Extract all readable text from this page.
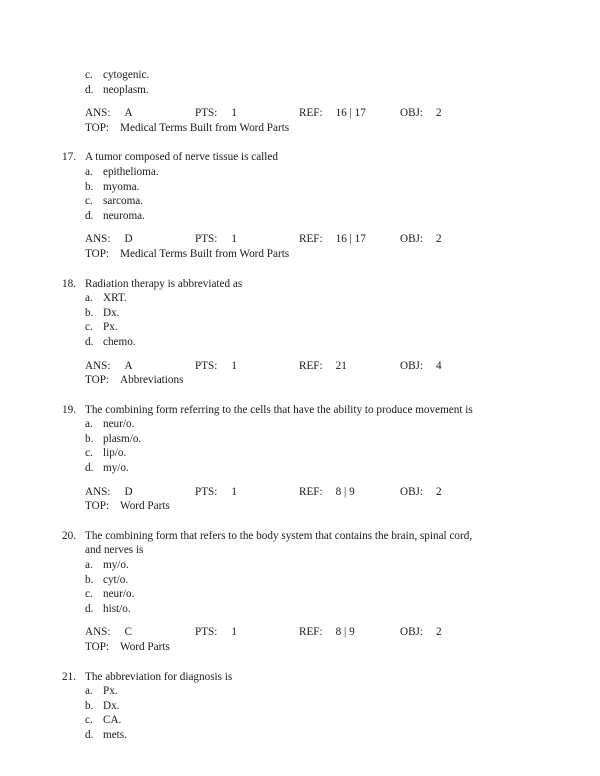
c. cytogenic.
d. neoplasm.
ANS: A	PTS: 1	REF: 16 | 17	OBJ: 2
TOP: Medical Terms Built from Word Parts
17. A tumor composed of nerve tissue is called
a. epithelioma.
b. myoma.
c. sarcoma.
d. neuroma.
ANS: D	PTS: 1	REF: 16 | 17	OBJ: 2
TOP: Medical Terms Built from Word Parts
18. Radiation therapy is abbreviated as
a. XRT.
b. Dx.
c. Px.
d. chemo.
ANS: A	PTS: 1	REF: 21	OBJ: 4
TOP: Abbreviations
19. The combining form referring to the cells that have the ability to produce movement is
a. neur/o.
b. plasm/o.
c. lip/o.
d. my/o.
ANS: D	PTS: 1	REF: 8 | 9	OBJ: 2
TOP: Word Parts
20. The combining form that refers to the body system that contains the brain, spinal cord,
and nerves is
a. my/o.
b. cyt/o.
c. neur/o.
d. hist/o.
ANS: C	PTS: 1	REF: 8 | 9	OBJ: 2
TOP: Word Parts
21. The abbreviation for diagnosis is
a. Px.
b. Dx.
c. CA.
d. mets.
